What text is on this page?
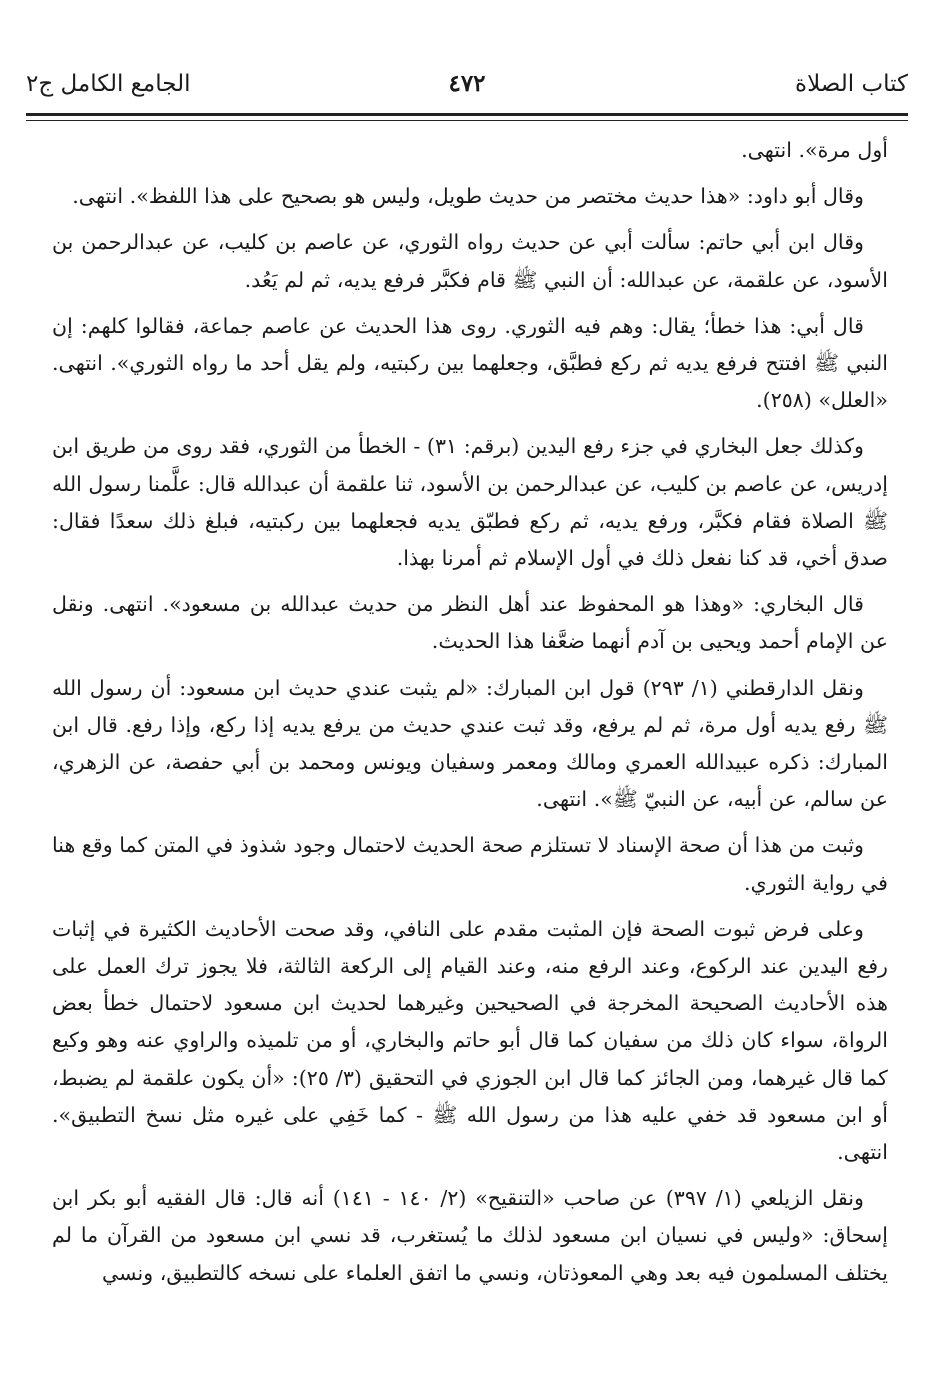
كتاب الصلاة
٤٧٢
الجامع الكامل ج٢

أول مرة». انتهى.

وقال أبو داود: «هذا حديث مختصر من حديث طويل، وليس هو بصحيح على هذا اللفظ». انتهى.

وقال ابن أبي حاتم: سألت أبي عن حديث رواه الثوري، عن عاصم بن كليب، عن عبدالرحمن بن الأسود، عن علقمة، عن عبدالله: أن النبي ﷺ قام فكبَّر فرفع يديه، ثم لم يَعُد.

قال أبي: هذا خطأ؛ يقال: وهم فيه الثوري. روى هذا الحديث عن عاصم جماعة، فقالوا كلهم: إن النبي ﷺ افتتح فرفع يديه ثم ركع فطبَّق، وجعلهما بين ركبتيه، ولم يقل أحد ما رواه الثوري». انتهى. «العلل» (٢٥٨).

وكذلك جعل البخاري في جزء رفع اليدين (برقم: ٣١) - الخطأ من الثوري، فقد روى من طريق ابن إدريس، عن عاصم بن كليب، عن عبدالرحمن بن الأسود، ثنا علقمة أن عبدالله قال: علَّمنا رسول الله ﷺ الصلاة فقام فكبَّر، ورفع يديه، ثم ركع فطبّق يديه فجعلهما بين ركبتيه، فبلغ ذلك سعدًا فقال: صدق أخي، قد كنا نفعل ذلك في أول الإسلام ثم أمرنا بهذا.

قال البخاري: «وهذا هو المحفوظ عند أهل النظر من حديث عبدالله بن مسعود». انتهى. ونقل عن الإمام أحمد ويحيى بن آدم أنهما ضعَّفا هذا الحديث.

ونقل الدارقطني (١/ ٢٩٣) قول ابن المبارك: «لم يثبت عندي حديث ابن مسعود: أن رسول الله ﷺ رفع يديه أول مرة، ثم لم يرفع، وقد ثبت عندي حديث من يرفع يديه إذا ركع، وإذا رفع. قال ابن المبارك: ذكره عبيدالله العمري ومالك ومعمر وسفيان ويونس ومحمد بن أبي حفصة، عن الزهري، عن سالم، عن أبيه، عن النبيّ ﷺ». انتهى.

وثبت من هذا أن صحة الإسناد لا تستلزم صحة الحديث لاحتمال وجود شذوذ في المتن كما وقع هنا في رواية الثوري.

وعلى فرض ثبوت الصحة فإن المثبت مقدم على النافي، وقد صحت الأحاديث الكثيرة في إثبات رفع اليدين عند الركوع، وعند الرفع منه، وعند القيام إلى الركعة الثالثة، فلا يجوز ترك العمل على هذه الأحاديث الصحيحة المخرجة في الصحيحين وغيرهما لحديث ابن مسعود لاحتمال خطأ بعض الرواة، سواء كان ذلك من سفيان كما قال أبو حاتم والبخاري، أو من تلميذه والراوي عنه وهو وكيع كما قال غيرهما، ومن الجائز كما قال ابن الجوزي في التحقيق (٣/ ٢٥): «أن يكون علقمة لم يضبط، أو ابن مسعود قد خفي عليه هذا من رسول الله ﷺ - كما خَفِي على غيره مثل نسخ التطبيق». انتهى.

ونقل الزيلعي (١/ ٣٩٧) عن صاحب «التنقيح» (٢/ ١٤٠ - ١٤١) أنه قال: قال الفقيه أبو بكر ابن إسحاق: «وليس في نسيان ابن مسعود لذلك ما يُستغرب، قد نسي ابن مسعود من القرآن ما لم يختلف المسلمون فيه بعد وهي المعوذتان، ونسي ما اتفق العلماء على نسخه كالتطبيق، ونسي
